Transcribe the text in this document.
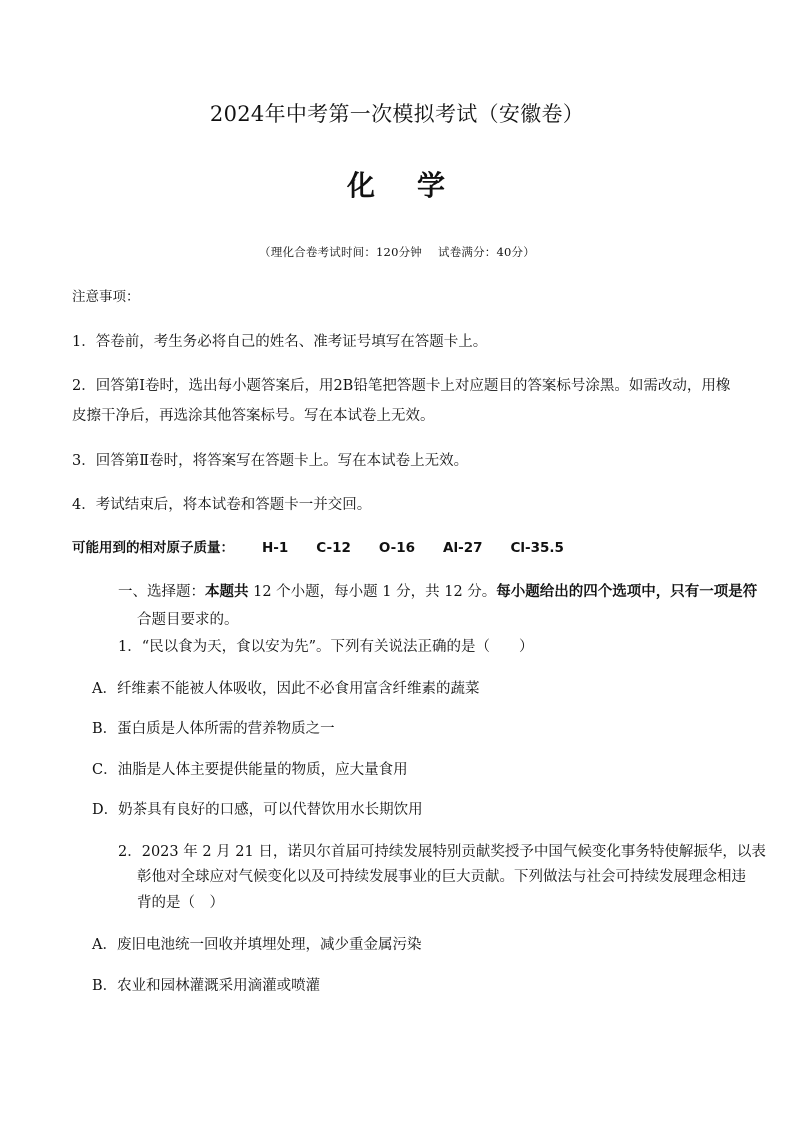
2024年中考第一次模拟考试（安徽卷）
化 学
（理化合卷考试时间：120分钟 试卷满分：40分）
注意事项：
1．答卷前，考生务必将自己的姓名、准考证号填写在答题卡上。
2．回答第Ⅰ卷时，选出每小题答案后，用2B铅笔把答题卡上对应题目的答案标号涂黑。如需改动，用橡
皮擦干净后，再选涂其他答案标号。写在本试卷上无效。
3．回答第Ⅱ卷时，将答案写在答题卡上。写在本试卷上无效。
4．考试结束后，将本试卷和答题卡一并交回。
可能用到的相对原子质量： H-1 C-12 O-16 Al-27 Cl-35.5
一、选择题：本题共 12 个小题，每小题 1 分，共 12 分。每小题给出的四个选项中，只有一项是符
合题目要求的。
1．“民以食为天，食以安为先”。下列有关说法正确的是（　　）
A．纤维素不能被人体吸收，因此不必食用富含纤维素的蔬菜
B．蛋白质是人体所需的营养物质之一
C．油脂是人体主要提供能量的物质，应大量食用
D．奶茶具有良好的口感，可以代替饮用水长期饮用
2．2023 年 2 月 21 日，诺贝尔首届可持续发展特别贡献奖授予中国气候变化事务特使解振华，以表
彰他对全球应对气候变化以及可持续发展事业的巨大贡献。下列做法与社会可持续发展理念相违
背的是（　）
A．废旧电池统一回收并填埋处理，减少重金属污染
B．农业和园林灌溉采用滴灌或喷灌
